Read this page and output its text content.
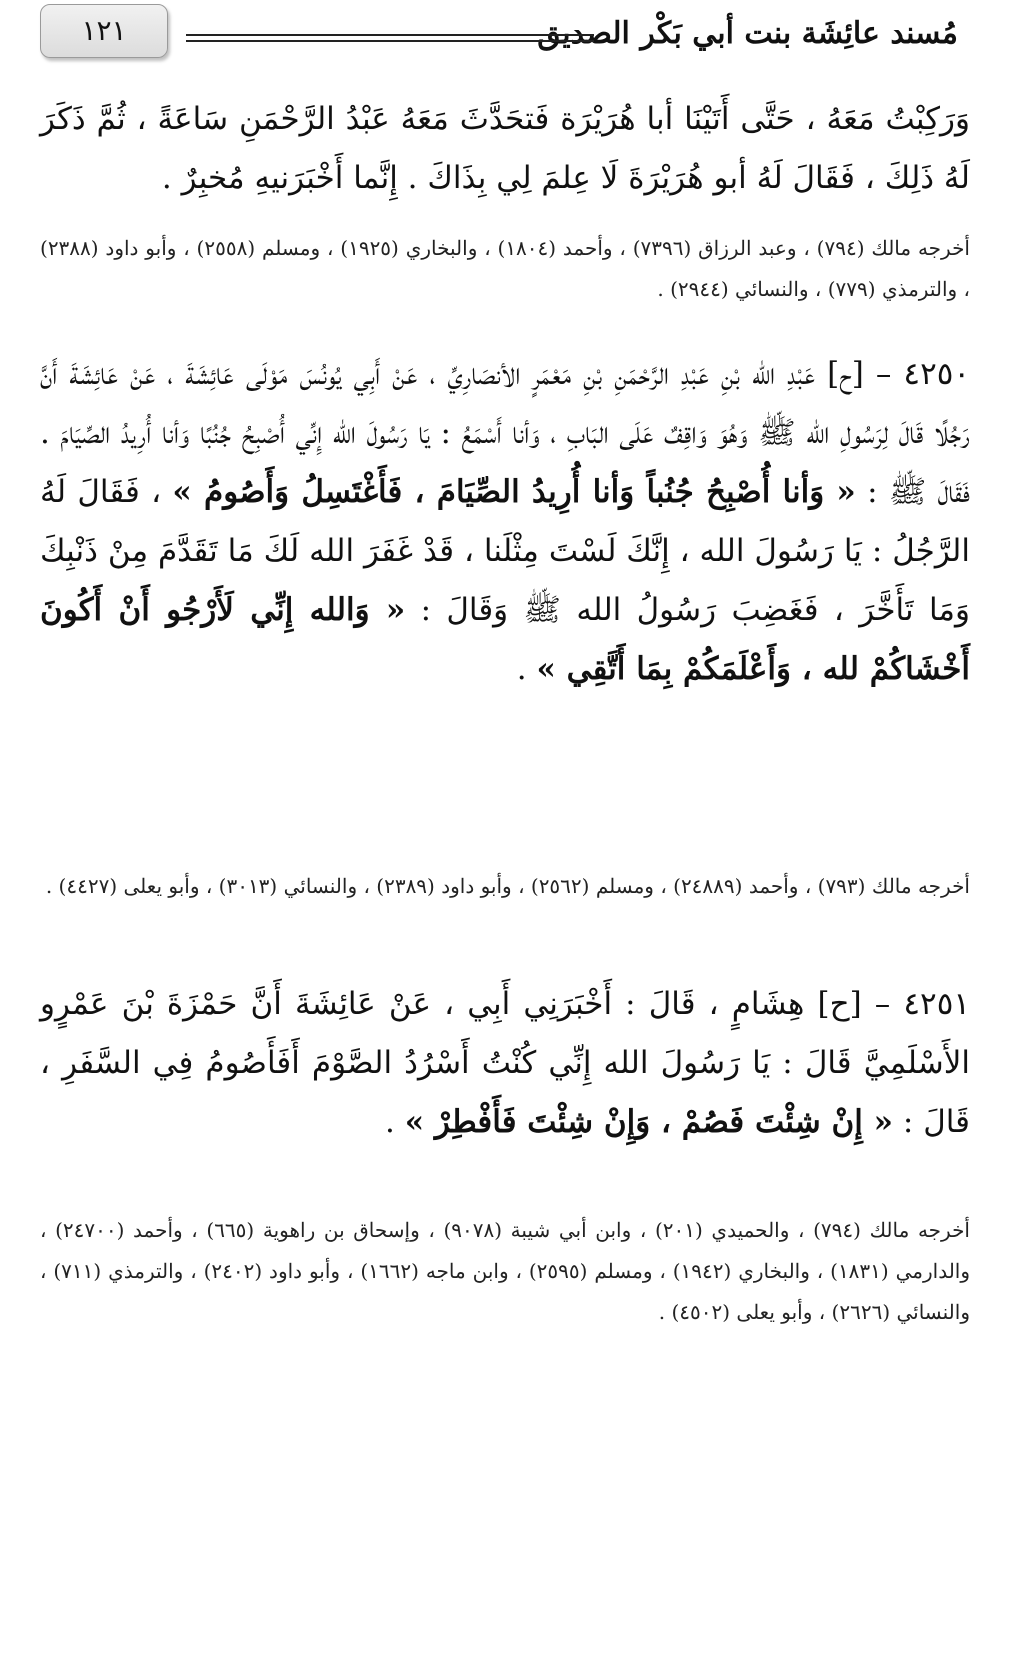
مُسند عائِشَة بنت أبي بَكْر الصديق
١٢١
وَرَكِبْتُ مَعَهُ ، حَتَّى أَتَيْنَا أبا هُرَيْرَة فَتحَدَّثَ مَعَهُ عَبْدُ الرَّحْمَنِ سَاعَةً ، ثُمَّ ذَكَرَ لَهُ ذَلِكَ ، فَقَالَ لَهُ أبو هُرَيْرَةَ لَا عِلمَ لِي بِذَاكَ . إِنَّما أَخْبَرَنيهِ مُخبِرٌ .
أخرجه مالك (٧٩٤) ، وعبد الرزاق (٧٣٩٦) ، وأحمد (١٨٠٤) ، والبخاري (١٩٢٥) ، ومسلم (٢٥٥٨) ، وأبو داود (٢٣٨٨) ، والترمذي (٧٧٩) ، والنسائي (٢٩٤٤) .
٤٢٥٠ – [ح] عَبْدِ الله بْنِ عَبْدِ الرَّحْمَنِ بْنِ مَعْمَرٍ الأنصَارِيِّ ، عَنْ أَبِي يُونُسَ مَوْلَى عَائِشَةَ ، عَنْ عَائِشَةَ أَنَّ رَجُلًا قَالَ لِرَسُولِ الله ﷺ وَهُوَ وَاقِفٌ عَلَى البَابِ ، وَأنا أَسْمَعُ : يَا رَسُولَ الله إِنِّي أُصْبِحُ جُنُبًا وَأنا أُرِيدُ الصِّيَامَ . فَقَالَ ﷺ : « وَأنا أُصْبِحُ جُنُباً وَأنا أُرِيدُ الصِّيَامَ ، فَأَغْتَسِلُ وَأَصُومُ » ، فَقَالَ لَهُ الرَّجُلُ : يَا رَسُولَ الله ، إِنَّكَ لَسْتَ مِثْلَنا ، قَدْ غَفَرَ الله لَكَ مَا تَقَدَّمَ مِنْ ذَنْبِكَ وَمَا تَأَخَّرَ ، فَغَضِبَ رَسُولُ الله ﷺ وَقَالَ : « وَالله إِنِّي لَأَرْجُو أَنْ أَكُونَ أَخْشَاكُمْ لله ، وَأَعْلَمَكُمْ بِمَا أَتَّقِي » .
أخرجه مالك (٧٩٣) ، وأحمد (٢٤٨٨٩) ، ومسلم (٢٥٦٢) ، وأبو داود (٢٣٨٩) ، والنسائي (٣٠١٣) ، وأبو يعلى (٤٤٢٧) .
٤٢٥١ – [ح] هِشَامٍ ، قَالَ : أَخْبَرَنِي أَبِي ، عَنْ عَائِشَةَ أَنَّ حَمْزَةَ بْنَ عَمْرٍو الأَسْلَمِيَّ قَالَ : يَا رَسُولَ الله إِنِّي كُنْتُ أَسْرُدُ الصَّوْمَ أَفَأَصُومُ فِي السَّفَرِ ، قَالَ : « إِنْ شِئْتَ فَصُمْ ، وَإِنْ شِئْتَ فَأَفْطِرْ » .
أخرجه مالك (٧٩٤) ، والحميدي (٢٠١) ، وابن أبي شيبة (٩٠٧٨) ، وإسحاق بن راهوية (٦٦٥) ، وأحمد (٢٤٧٠٠) ، والدارمي (١٨٣١) ، والبخاري (١٩٤٢) ، ومسلم (٢٥٩٥) ، وابن ماجه (١٦٦٢) ، وأبو داود (٢٤٠٢) ، والترمذي (٧١١) ، والنسائي (٢٦٢٦) ، وأبو يعلى (٤٥٠٢) .
